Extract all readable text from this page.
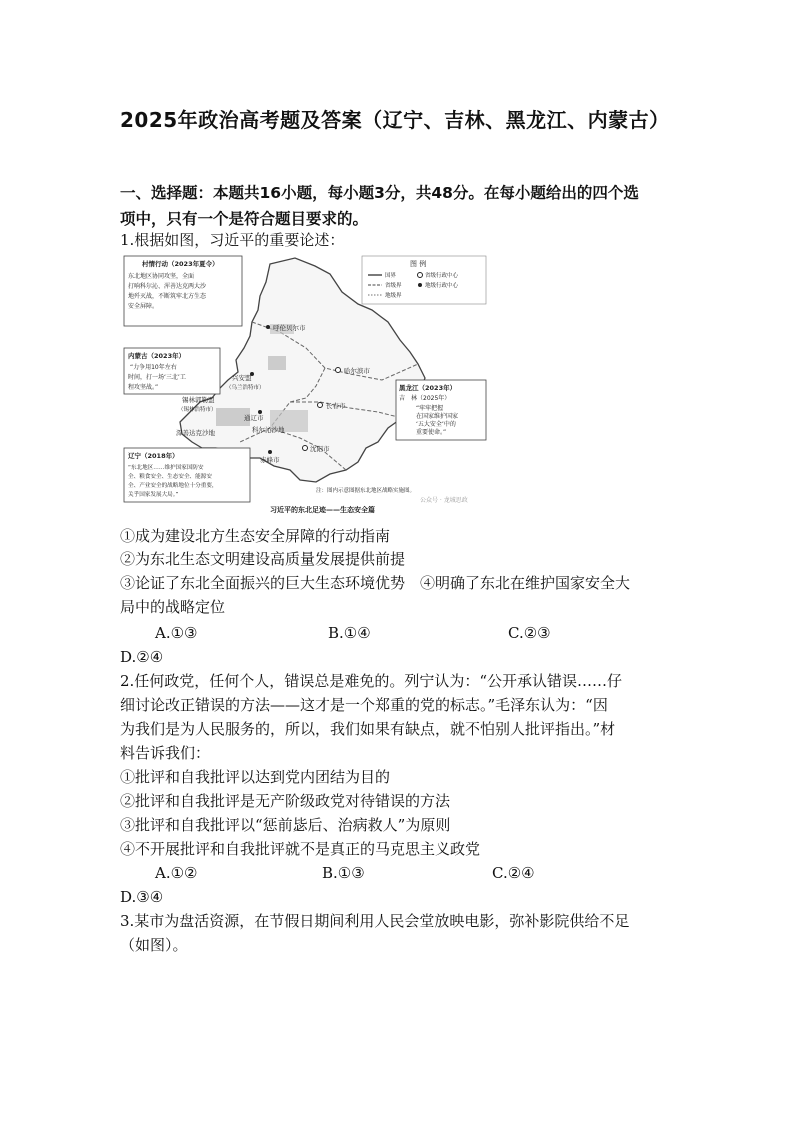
2025年政治高考题及答案（辽宁、吉林、黑龙江、内蒙古）
一、选择题：本题共16小题，每小题3分，共48分。在每小题给出的四个选
项中，只有一个是符合题目要求的。
1.根据如图，习近平的重要论述：
图 例
国界
省级界
地级界
省级行政中心
地级行政中心
村情行动（2023年夏令）
东北地区协同攻坚，全面
打响科尔沁、浑善达克两大沙
地歼灭战，不断筑牢北方生态
安全屏障。
内蒙古（2023年）
“力争用10年左右
时间，打一场‘三北’工
程攻坚战。”	黑龙江（2023年）
吉　林（2025年）
“牢牢把握
在国家维护国家
‘五大安全’中的
重要使命。”
辽宁（2018年）
“东北地区……维护国家国防安
全、粮食安全、生态安全、能源安
全、产业安全的战略地位十分重要，
关乎国家发展大局。”
呼伦贝尔市
哈尔滨市
兴安盟
（乌兰浩特市）
锡林郭勒盟
（锡林浩特市）
通辽市
长春市
浑善达克沙地	科尔沁沙地
赤峰市
沈阳市
注：图内示意图据东北地区战略实施图。
公众号 · 龙城思政
习近平的东北足迹——生态安全篇
①成为建设北方生态安全屏障的行动指南
②为东北生态文明建设高质量发展提供前提
③论证了东北全面振兴的巨大生态环境优势　④明确了东北在维护国家安全大
局中的战略定位
A.①③	B.①④	C.②③
D.②④
2.任何政党，任何个人，错误总是难免的。列宁认为：“公开承认错误……仔
细讨论改正错误的方法——这才是一个郑重的党的标志。”毛泽东认为：“因
为我们是为人民服务的，所以，我们如果有缺点，就不怕别人批评指出。”材
料告诉我们：
①批评和自我批评以达到党内团结为目的
②批评和自我批评是无产阶级政党对待错误的方法
③批评和自我批评以“惩前毖后、治病救人”为原则
④不开展批评和自我批评就不是真正的马克思主义政党
A.①②	B.①③	C.②④
D.③④
3.某市为盘活资源，在节假日期间利用人民会堂放映电影，弥补影院供给不足
（如图）。
